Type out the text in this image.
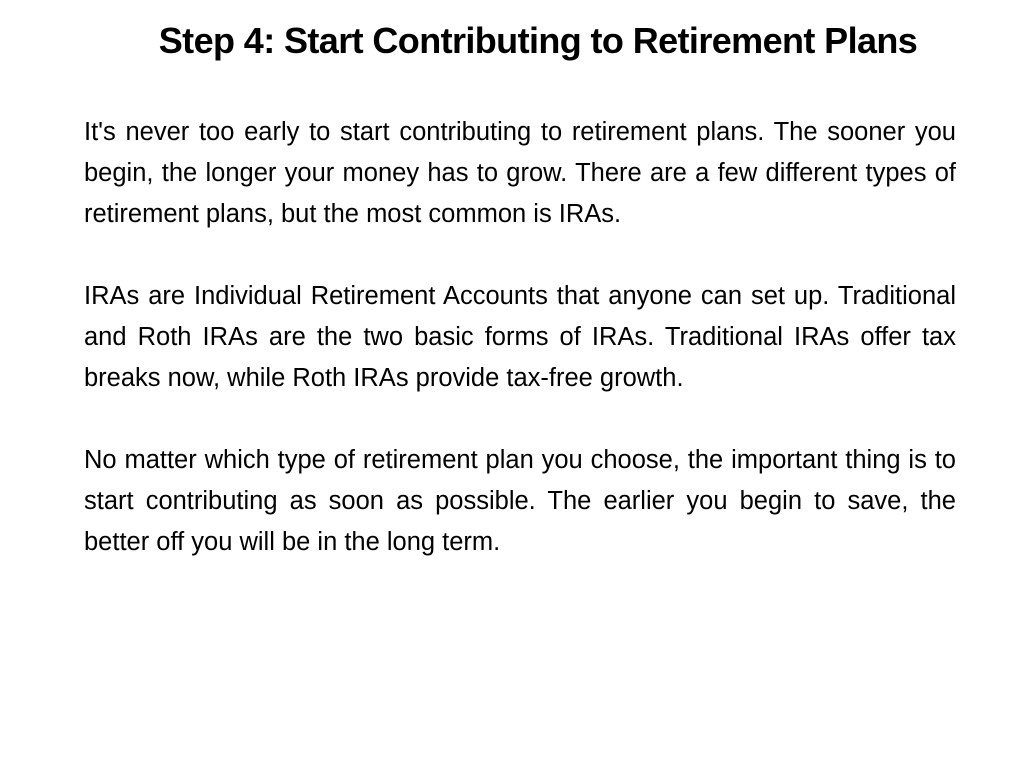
Step 4: Start Contributing to Retirement Plans

It's never too early to start contributing to retirement plans. The sooner you begin, the longer your money has to grow. There are a few different types of retirement plans, but the most common is IRAs.

IRAs are Individual Retirement Accounts that anyone can set up. Traditional and Roth IRAs are the two basic forms of IRAs. Traditional IRAs offer tax breaks now, while Roth IRAs provide tax-free growth.

No matter which type of retirement plan you choose, the important thing is to start contributing as soon as possible. The earlier you begin to save, the better off you will be in the long term.
